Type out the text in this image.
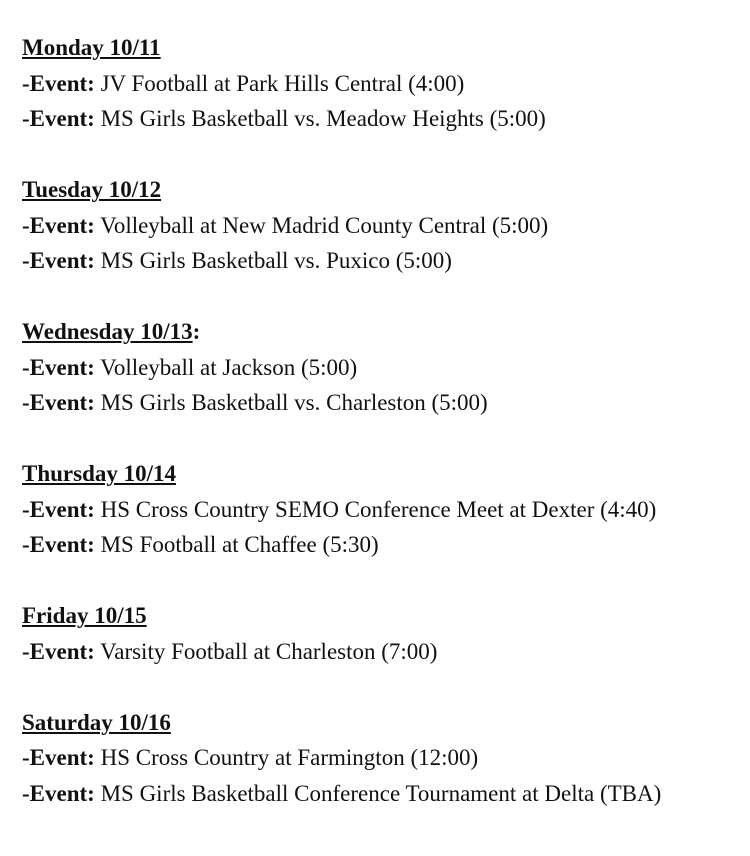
Monday 10/11
-Event: JV Football at Park Hills Central (4:00)
-Event: MS Girls Basketball vs. Meadow Heights (5:00)
Tuesday 10/12
-Event: Volleyball at New Madrid County Central (5:00)
-Event: MS Girls Basketball vs. Puxico (5:00)
Wednesday 10/13:
-Event: Volleyball at Jackson (5:00)
-Event: MS Girls Basketball vs. Charleston (5:00)
Thursday 10/14
-Event: HS Cross Country SEMO Conference Meet at Dexter (4:40)
-Event: MS Football at Chaffee (5:30)
Friday 10/15
-Event: Varsity Football at Charleston (7:00)
Saturday 10/16
-Event: HS Cross Country at Farmington (12:00)
-Event: MS Girls Basketball Conference Tournament at Delta (TBA)
